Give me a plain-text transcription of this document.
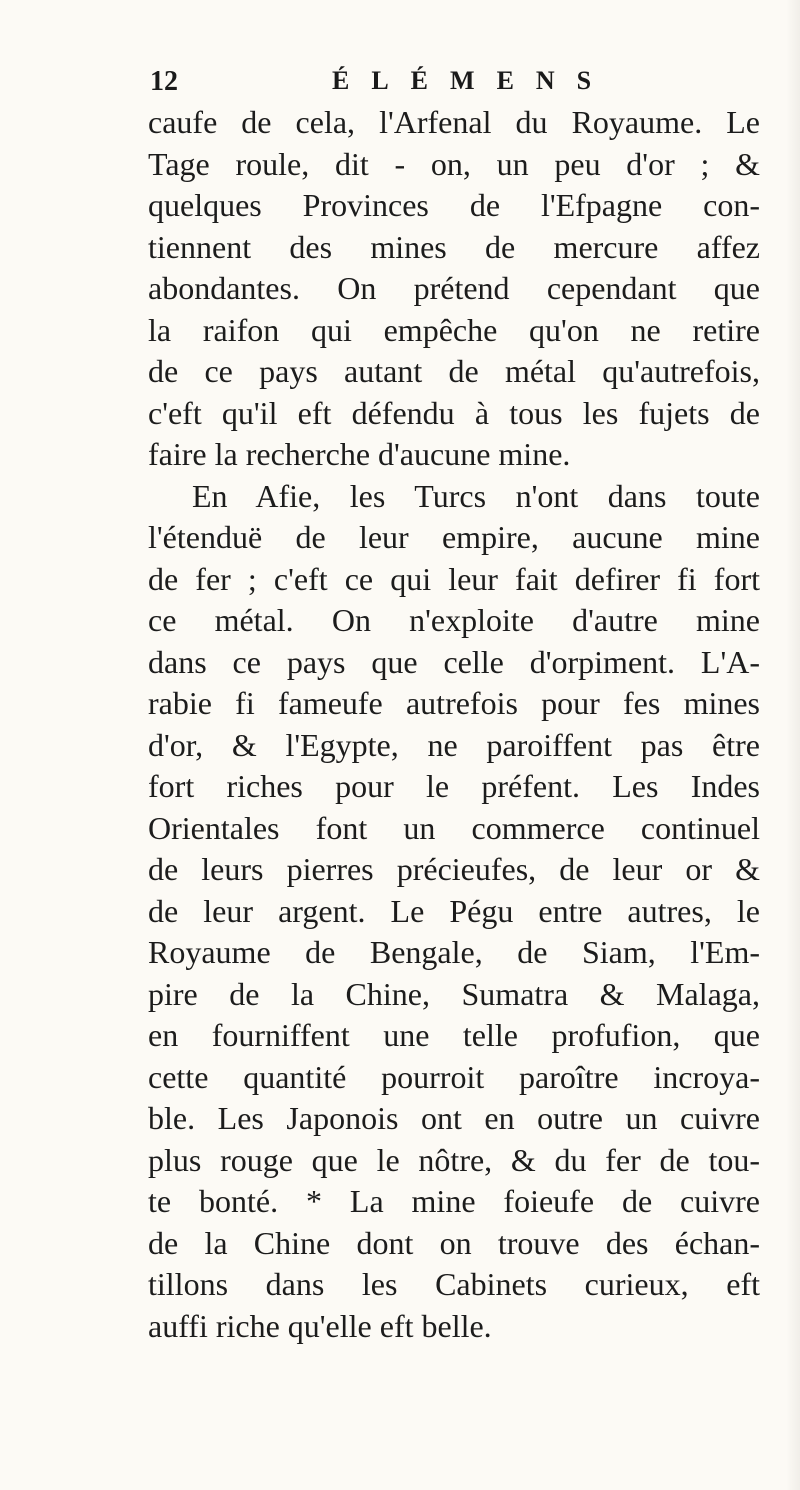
12	ÉLÉMENS
caufe de cela, l'Arfenal du Royaume. Le
Tage roule, dit - on, un peu d'or ; &
quelques Provinces de l'Efpagne con-
tiennent des mines de mercure affez
abondantes. On prétend cependant que
la raifon qui empêche qu'on ne retire
de ce pays autant de métal qu'autrefois,
c'eft qu'il eft défendu à tous les fujets de
faire la recherche d'aucune mine.
En Afie, les Turcs n'ont dans toute
l'étenduë de leur empire, aucune mine
de fer ; c'eft ce qui leur fait defirer fi fort
ce métal. On n'exploite d'autre mine
dans ce pays que celle d'orpiment. L'A-
rabie fi fameufe autrefois pour fes mines
d'or, & l'Egypte, ne paroiffent pas être
fort riches pour le préfent. Les Indes
Orientales font un commerce continuel
de leurs pierres précieufes, de leur or &
de leur argent. Le Pégu entre autres, le
Royaume de Bengale, de Siam, l'Em-
pire de la Chine, Sumatra & Malaga,
en fourniffent une telle profufion, que
cette quantité pourroit paroître incroya-
ble. Les Japonois ont en outre un cuivre
plus rouge que le nôtre, & du fer de tou-
te bonté. * La mine foieufe de cuivre
de la Chine dont on trouve des échan-
tillons dans les Cabinets curieux, eft
auffi riche qu'elle eft belle.
